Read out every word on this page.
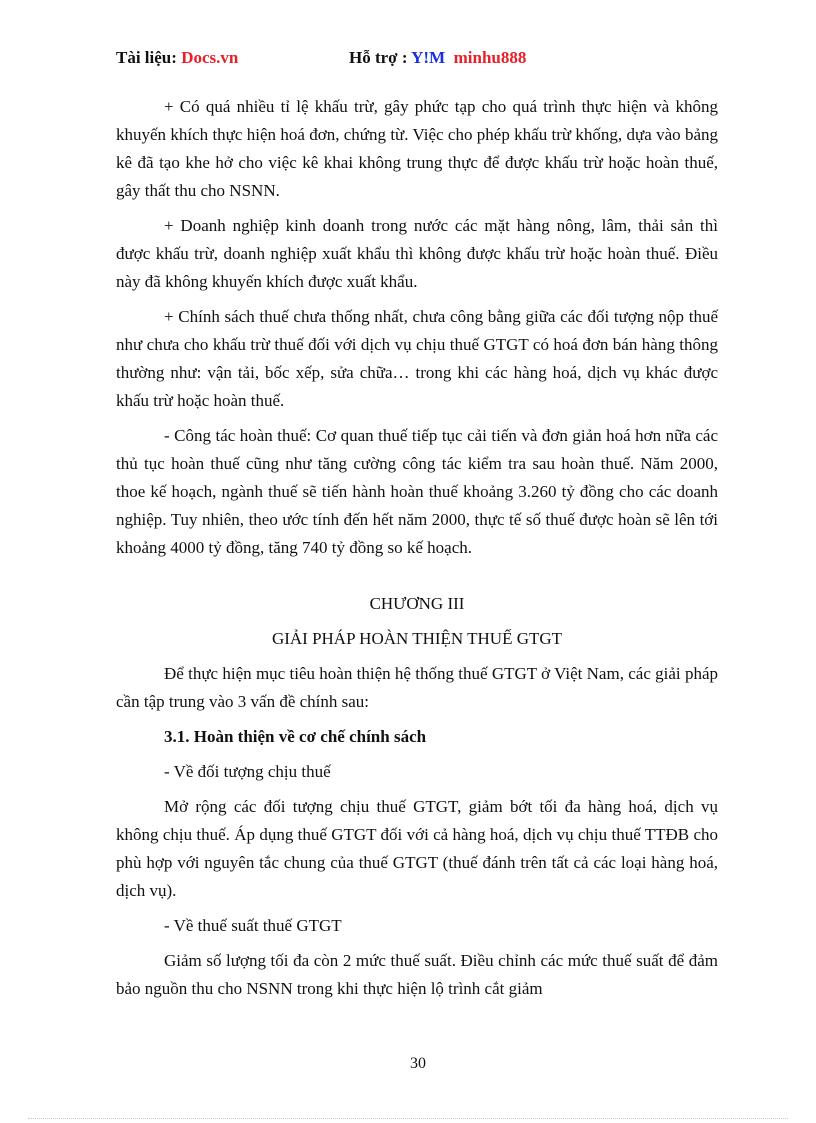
Tài liệu: Docs.vn	Hỗ trợ : Y!M minhu888

+ Có quá nhiều tỉ lệ khấu trừ, gây phức tạp cho quá trình thực hiện và không khuyến khích thực hiện hoá đơn, chứng từ. Việc cho phép khấu trừ khống, dựa vào bảng kê đã tạo khe hở cho việc kê khai không trung thực để được khấu trừ hoặc hoàn thuế, gây thất thu cho NSNN.

+ Doanh nghiệp kinh doanh trong nước các mặt hàng nông, lâm, thải sản thì được khấu trừ, doanh nghiệp xuất khẩu thì không được khấu trừ hoặc hoàn thuế. Điều này đã không khuyến khích được xuất khẩu.

+ Chính sách thuế chưa thống nhất, chưa công bằng giữa các đối tượng nộp thuế như chưa cho khấu trừ thuế đối với dịch vụ chịu thuế GTGT có hoá đơn bán hàng thông thường như: vận tải, bốc xếp, sửa chữa… trong khi các hàng hoá, dịch vụ khác được khấu trừ hoặc hoàn thuế.

- Công tác hoàn thuế: Cơ quan thuế tiếp tục cải tiến và đơn giản hoá hơn nữa các thủ tục hoàn thuế cũng như tăng cường công tác kiểm tra sau hoàn thuế. Năm 2000, thoe kế hoạch, ngành thuế sẽ tiến hành hoàn thuế khoảng 3.260 tỷ đồng cho các doanh nghiệp. Tuy nhiên, theo ước tính đến hết năm 2000, thực tế số thuế được hoàn sẽ lên tới khoảng 4000 tỷ đồng, tăng 740 tỷ đồng so kế hoạch.

CHƯƠNG III

GIẢI PHÁP HOÀN THIỆN THUẾ GTGT

Để thực hiện mục tiêu hoàn thiện hệ thống thuế GTGT ở Việt Nam, các giải pháp cần tập trung vào 3 vấn đề chính sau:

3.1. Hoàn thiện về cơ chế chính sách

- Về đối tượng chịu thuế

Mở rộng các đối tượng chịu thuế GTGT, giảm bớt tối đa hàng hoá, dịch vụ không chịu thuế. Áp dụng thuế GTGT đối với cả hàng hoá, dịch vụ chịu thuế TTĐB cho phù hợp với nguyên tắc chung của thuế GTGT (thuế đánh trên tất cả các loại hàng hoá, dịch vụ).

- Về thuế suất thuế GTGT

Giảm số lượng tối đa còn 2 mức thuế suất. Điều chỉnh các mức thuế suất để đảm bảo nguồn thu cho NSNN trong khi thực hiện lộ trình cắt giảm

30
